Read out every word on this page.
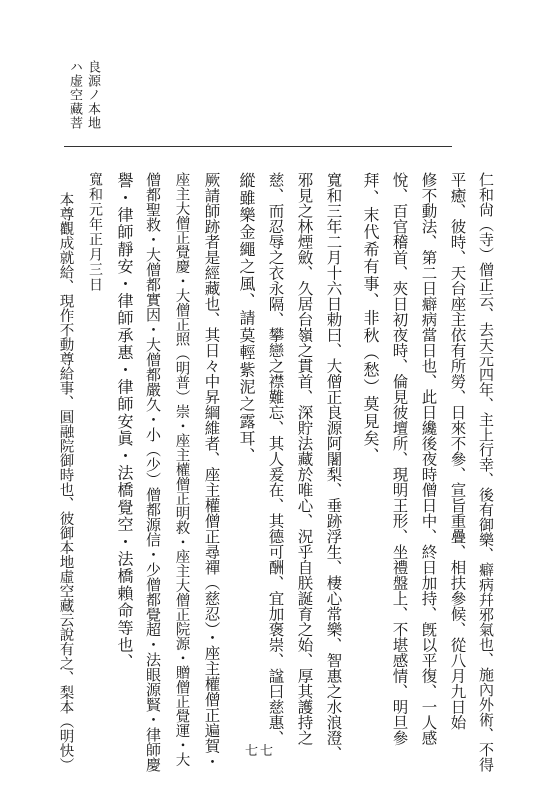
良源ノ本地
ハ虚空藏菩
仁和尙（寺）僧正云、去天元四年、主上行幸、後有御樂、癖病幷邪氣也、施內外術、不得
平癒、彼時、天台座主依有所勞、日來不參、宣旨重疊、相扶參候、從八月九日始
修不動法、第二日癖病當日也、此日纔後夜時僧日中、終日加持、旣以平復、一人感
悅、百官稽首、夾日初夜時、倫見彼壇所、現明王形、坐禮盤上、不堪感情、明旦參
拜、末代希有事、非秋（愁）莫見矣、
寬和三年二月十六日勅曰、大僧正良源阿闍梨、垂跡浮生、棲心常樂、智惠之水浪澄、
邪見之林煙斂、久居台嶺之貫首、深貯法藏於唯心、況乎自朕誕育之始、厚其護持之
慈、而忍辱之衣永隔、攀戀之襟難忘、其人爰在、其德可酬、宜加褒崇、諡曰慈惠、
縱雖樂金繩之風、請莫輕紫泥之露耳、
厥請師跡者是經藏也、其日々中昇綱維者、座主權僧正尋禪（慈忍）・座主權僧正遍賀・
座主大僧正覺慶・大僧正照（明普）崇・座主權僧正明救・座主大僧正院源・贈僧正覺運・大
僧都聖救・大僧都實因・大僧都嚴久・小（少）僧都源信・少僧都覺超・法眼源賢・律師慶
譽・律師靜安・律師承惠・律師安眞・法橋覺空・法橋賴命等也、
寬和元年正月三日
本尊觀成就給、現作不動尊給事、圓融院御時也、彼御本地虛空藏云說有之、梨本（明快）	七七
